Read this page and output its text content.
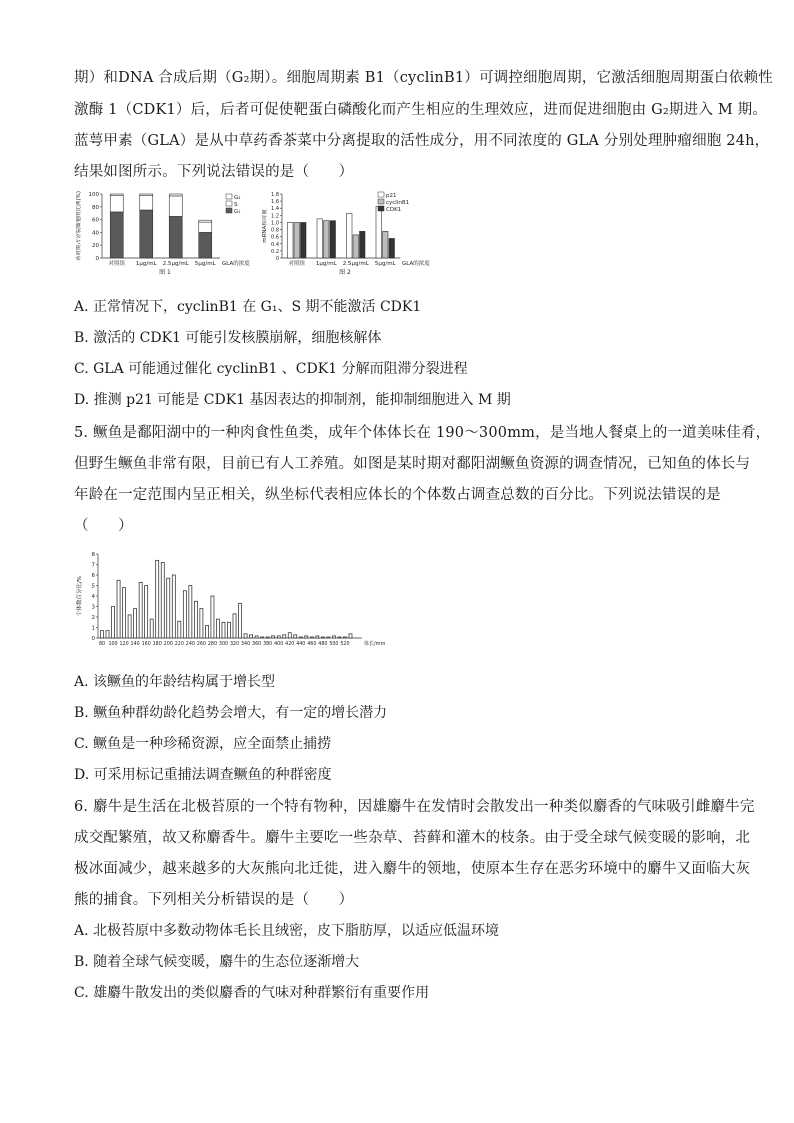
期）和DNA 合成后期（G₂期）。细胞周期素 B1（cyclinB1）可调控细胞周期，它激活细胞周期蛋白依赖性
激酶 1（CDK1）后，后者可促使靶蛋白磷酸化而产生相应的生理效应，进而促进细胞由 G₂期进入 M 期。
蓝萼甲素（GLA）是从中草药香茶菜中分离提取的活性成分，用不同浓度的 GLA 分别处理肿瘤细胞 24h，
结果如图所示。下列说法错误的是（　　）
各时期占分裂细胞的比例(%) 0
20
40
60
80
100
对照组 1μg/mL 2.5μg/mL 5μg/mL GLA的浓度
图 1
G₂
S
G₁	mRNA相对量
0
0.2
0.4
0.6
0.8
1.0
1.2
1.4
1.6
1.8
对照组 1μg/mL 2.5μg/mL 5μg/mL GLA的浓度
图 2
p21
cyclinB1
CDK1
A. 正常情况下，cyclinB1 在 G₁、S 期不能激活 CDK1
B. 激活的 CDK1 可能引发核膜崩解，细胞核解体
C. GLA 可能通过催化 cyclinB1 、CDK1 分解而阻滞分裂进程
D. 推测 p21 可能是 CDK1 基因表达的抑制剂，能抑制细胞进入 M 期
5. 鳜鱼是鄱阳湖中的一种肉食性鱼类，成年个体体长在 190～300mm，是当地人餐桌上的一道美味佳肴，
但野生鳜鱼非常有限，目前已有人工养殖。如图是某时期对鄱阳湖鳜鱼资源的调查情况，已知鱼的体长与
年龄在一定范围内呈正相关，纵坐标代表相应体长的个体数占调查总数的百分比。下列说法错误的是
（　　）
个体数百分比/%
0
1
2
3
4
5
6
7
8
80 100 120 140 160 180 200 220 240 260 280 300 320 340 360 380 400 420 440 460 480 500 520	体长/mm
A. 该鳜鱼的年龄结构属于增长型
B. 鳜鱼种群幼龄化趋势会增大，有一定的增长潜力
C. 鳜鱼是一种珍稀资源，应全面禁止捕捞
D. 可采用标记重捕法调查鳜鱼的种群密度
6. 麝牛是生活在北极苔原的一个特有物种，因雄麝牛在发情时会散发出一种类似麝香的气味吸引雌麝牛完
成交配繁殖，故又称麝香牛。麝牛主要吃一些杂草、苔藓和灌木的枝条。由于受全球气候变暖的影响，北
极冰面减少，越来越多的大灰熊向北迁徙，进入麝牛的领地，使原本生存在恶劣环境中的麝牛又面临大灰
熊的捕食。下列相关分析错误的是（　　）
A. 北极苔原中多数动物体毛长且绒密，皮下脂肪厚，以适应低温环境
B. 随着全球气候变暖，麝牛的生态位逐渐增大
C. 雄麝牛散发出的类似麝香的气味对种群繁衍有重要作用
